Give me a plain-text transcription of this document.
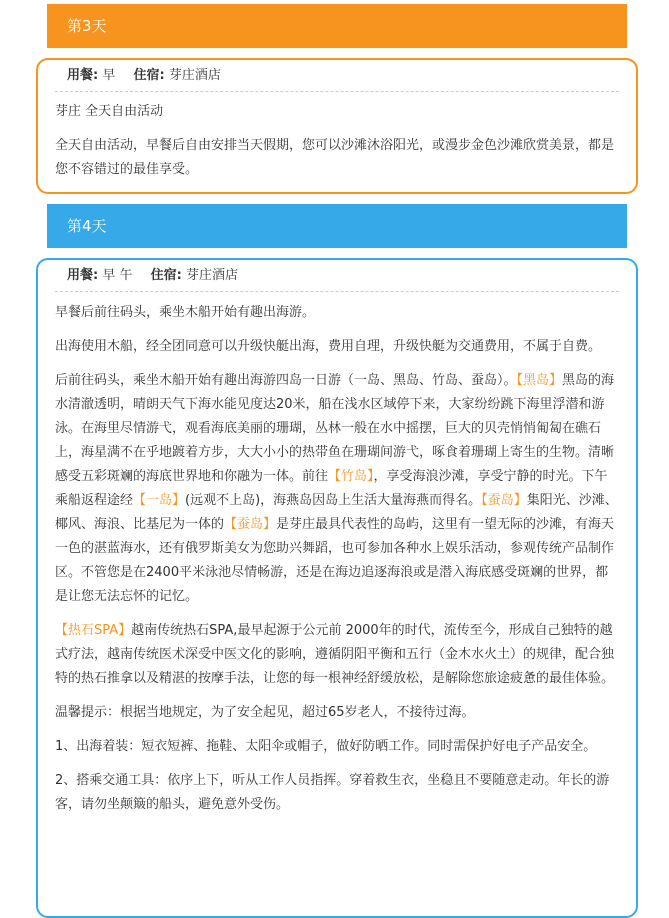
第3天
用餐: 早 住宿: 芽庄酒店

芽庄 全天自由活动

全天自由活动，早餐后自由安排当天假期，您可以沙滩沐浴阳光，或漫步金色沙滩欣赏美景，都是您不容错过的最佳享受。

第4天
用餐: 早 午 住宿: 芽庄酒店

早餐后前往码头，乘坐木船开始有趣出海游。

出海使用木船，经全团同意可以升级快艇出海，费用自理，升级快艇为交通费用，不属于自费。

后前往码头，乘坐木船开始有趣出海游四岛一日游（一岛、黑岛、竹岛、蚕岛）。【黑岛】黑岛的海水清澈透明，晴朗天气下海水能见度达20米，船在浅水区域停下来，大家纷纷跳下海里浮潜和游泳。在海里尽情游弋，观看海底美丽的珊瑚，丛林一般在水中摇摆，巨大的贝壳悄悄匍匐在礁石上，海星满不在乎地踱着方步，大大小小的热带鱼在珊瑚间游弋，啄食着珊瑚上寄生的生物。清晰感受五彩斑斓的海底世界地和你融为一体。前往【竹岛】，享受海浪沙滩，享受宁静的时光。下午乘船返程途经【一岛】(远观不上岛)，海燕岛因岛上生活大量海燕而得名。【蚕岛】集阳光、沙滩、椰风、海浪、比基尼为一体的【蚕岛】是芽庄最具代表性的岛屿，这里有一望无际的沙滩，有海天一色的湛蓝海水，还有俄罗斯美女为您助兴舞蹈，也可参加各种水上娱乐活动，参观传统产品制作区。不管您是在2400平米泳池尽情畅游，还是在海边追逐海浪或是潜入海底感受斑斓的世界，都是让您无法忘怀的记忆。

【热石SPA】越南传统热石SPA,最早起源于公元前 2000年的时代，流传至今，形成自己独特的越式疗法，越南传统医术深受中医文化的影响，遵循阴阳平衡和五行（金木水火土）的规律，配合独特的热石推拿以及精湛的按摩手法，让您的每一根神经舒缓放松，是解除您旅途疲惫的最佳体验。

温馨提示：根据当地规定，为了安全起见，超过65岁老人，不接待过海。

1、出海着装：短衣短裤、拖鞋、太阳伞或帽子，做好防晒工作。同时需保护好电子产品安全。

2、搭乘交通工具：依序上下，听从工作人员指挥。穿着救生衣，坐稳且不要随意走动。年长的游客，请勿坐颠簸的船头，避免意外受伤。
